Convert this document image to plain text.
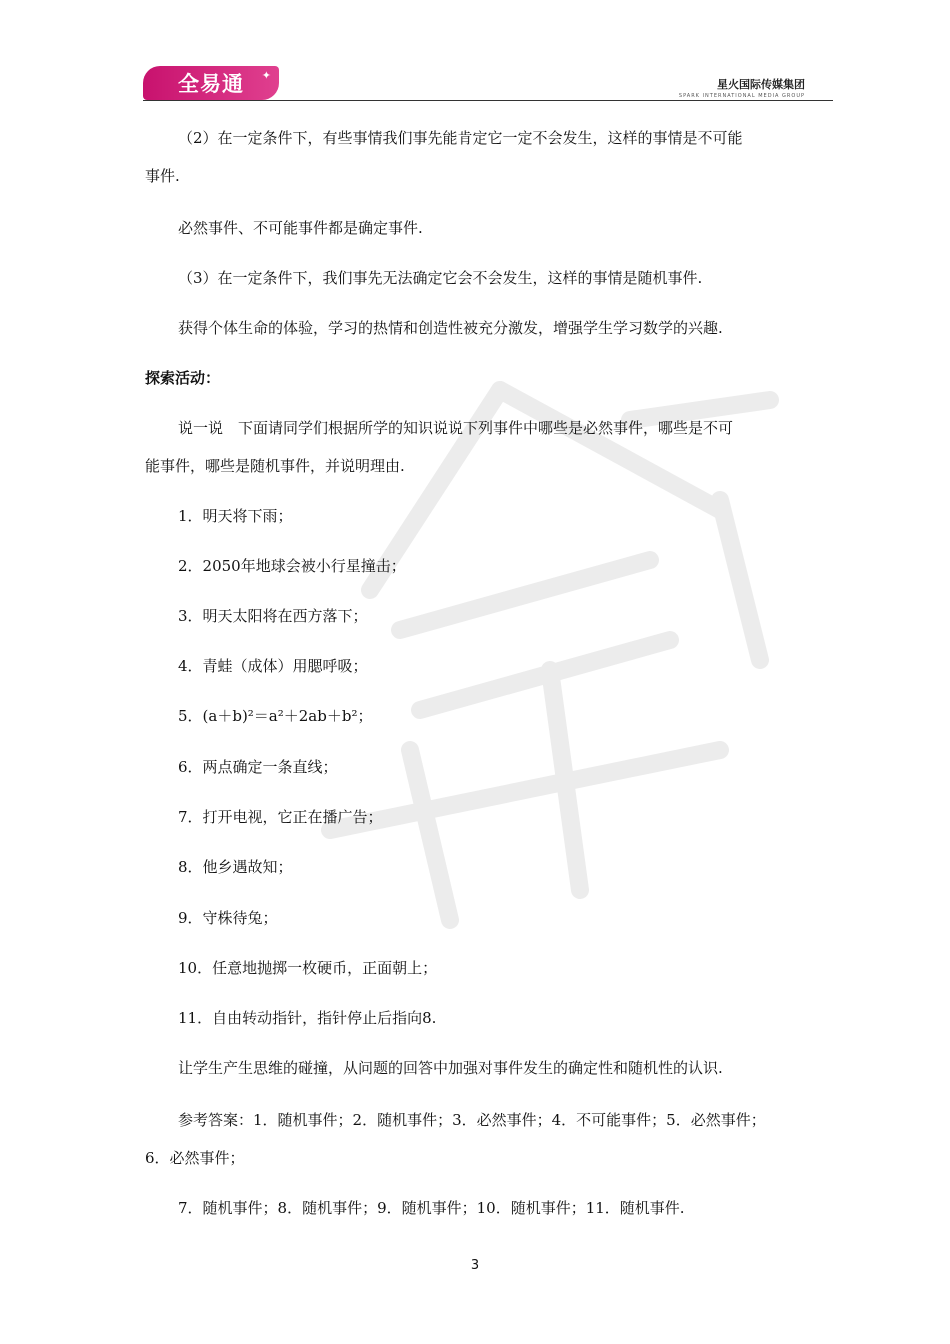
全易通 ✦
星火国际传媒集团
SPARK INTERNATIONAL MEDIA GROUP
（2）在一定条件下，有些事情我们事先能肯定它一定不会发生，这样的事情是不可能
事件.
必然事件、不可能事件都是确定事件.
（3）在一定条件下，我们事先无法确定它会不会发生，这样的事情是随机事件.
获得个体生命的体验，学习的热情和创造性被充分激发，增强学生学习数学的兴趣.
探索活动：
说一说　下面请同学们根据所学的知识说说下列事件中哪些是必然事件，哪些是不可
能事件，哪些是随机事件，并说明理由.
1．明天将下雨；
2．2050年地球会被小行星撞击；
3．明天太阳将在西方落下；
4．青蛙（成体）用腮呼吸；
5．(a＋b)²＝a²＋2ab＋b²；
6．两点确定一条直线；
7．打开电视，它正在播广告；
8．他乡遇故知；
9．守株待兔；
10．任意地抛掷一枚硬币，正面朝上；
11．自由转动指针，指针停止后指向8.
让学生产生思维的碰撞，从问题的回答中加强对事件发生的确定性和随机性的认识.
参考答案：1．随机事件；2．随机事件；3．必然事件；4．不可能事件；5．必然事件；
6．必然事件；
7．随机事件；8．随机事件；9．随机事件；10．随机事件；11．随机事件.
3
